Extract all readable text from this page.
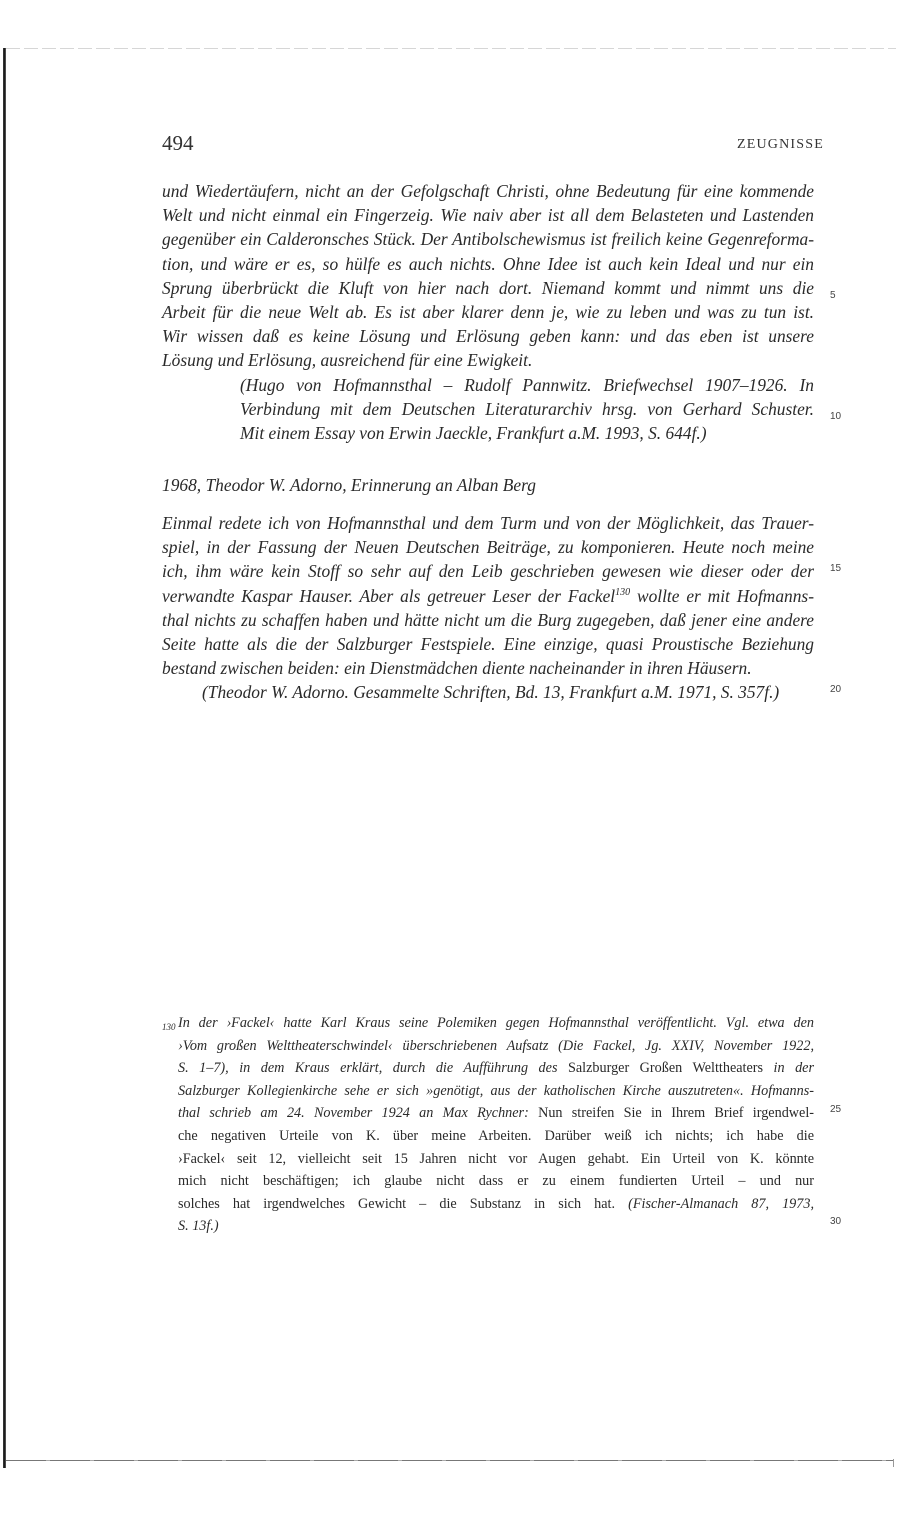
494	ZEUGNISSE
und Wiedertäufern, nicht an der Gefolgschaft Christi, ohne Bedeutung für eine kommende
Welt und nicht einmal ein Fingerzeig. Wie naiv aber ist all dem Belasteten und Lastenden
gegenüber ein Calderonsches Stück. Der Antibolschewismus ist freilich keine Gegenreforma-
tion, und wäre er es, so hülfe es auch nichts. Ohne Idee ist auch kein Ideal und nur ein
Sprung überbrückt die Kluft von hier nach dort. Niemand kommt und nimmt uns die
Arbeit für die neue Welt ab. Es ist aber klarer denn je, wie zu leben und was zu tun ist.
Wir wissen daß es keine Lösung und Erlösung geben kann: und das eben ist unsere
Lösung und Erlösung, ausreichend für eine Ewigkeit.
(Hugo von Hofmannsthal – Rudolf Pannwitz. Briefwechsel 1907–1926. In
Verbindung mit dem Deutschen Literaturarchiv hrsg. von Gerhard Schuster.
Mit einem Essay von Erwin Jaeckle, Frankfurt a.M. 1993, S. 644f.)
1968, Theodor W. Adorno, Erinnerung an Alban Berg
Einmal redete ich von Hofmannsthal und dem Turm und von der Möglichkeit, das Trauer-
spiel, in der Fassung der Neuen Deutschen Beiträge, zu komponieren. Heute noch meine
ich, ihm wäre kein Stoff so sehr auf den Leib geschrieben gewesen wie dieser oder der
verwandte Kaspar Hauser. Aber als getreuer Leser der Fackel$^{130}$ wollte er mit Hofmanns-
thal nichts zu schaffen haben und hätte nicht um die Burg zugegeben, daß jener eine andere
Seite hatte als die der Salzburger Festspiele. Eine einzige, quasi Proustische Beziehung
bestand zwischen beiden: ein Dienstmädchen diente nacheinander in ihren Häusern.
(Theodor W. Adorno. Gesammelte Schriften, Bd. 13, Frankfurt a.M. 1971, S. 357f.)
130 In der ›Fackel‹ hatte Karl Kraus seine Polemiken gegen Hofmannsthal veröffentlicht. Vgl. etwa den
›Vom großen Welttheaterschwindel‹ überschriebenen Aufsatz (Die Fackel, Jg. XXIV, November 1922,
S. 1–7), in dem Kraus erklärt, durch die Aufführung des Salzburger Großen Welttheaters in der
Salzburger Kollegienkirche sehe er sich »genötigt, aus der katholischen Kirche auszutreten«. Hofmanns-
thal schrieb am 24. November 1924 an Max Rychner: Nun streifen Sie in Ihrem Brief irgendwel-
che negativen Urteile von K. über meine Arbeiten. Darüber weiß ich nichts; ich habe die
›Fackel‹ seit 12, vielleicht seit 15 Jahren nicht vor Augen gehabt. Ein Urteil von K. könnte
mich nicht beschäftigen; ich glaube nicht dass er zu einem fundierten Urteil – und nur
solches hat irgendwelches Gewicht – die Substanz in sich hat. (Fischer-Almanach 87, 1973,
S. 13f.)
5
10
15
20
25
30
